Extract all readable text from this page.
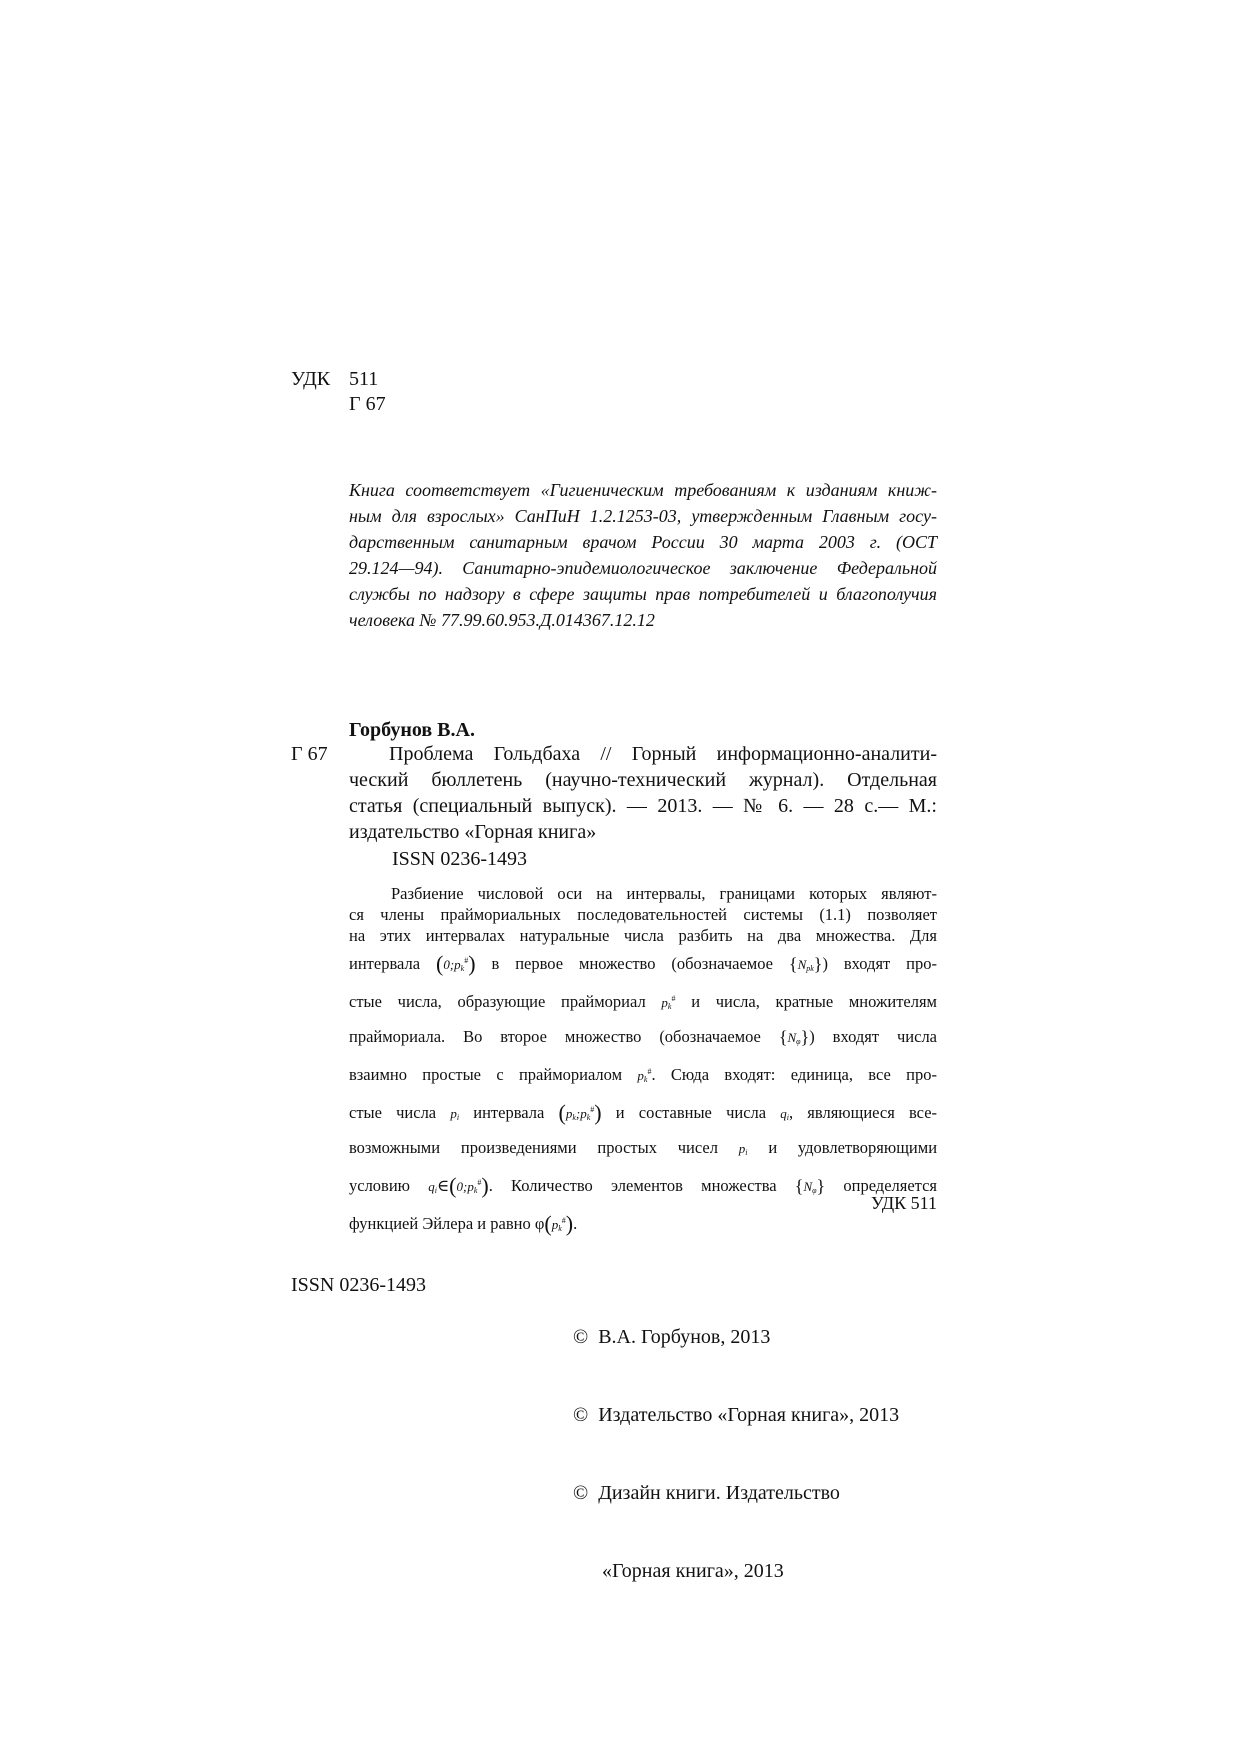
УДК 511
Г 67
Книга соответствует «Гигиеническим требованиям к изданиям книж-
ным для взрослых» СанПиН 1.2.1253-03, утвержденным Главным госу-
дарственным санитарным врачом России 30 марта 2003 г. (ОСТ
29.124—94). Санитарно-эпидемиологическое заключение Федеральной
службы по надзору в сфере защиты прав потребителей и благополучия
человека № 77.99.60.953.Д.014367.12.12
Горбунов В.А.
Г 67	Проблема Гольдбаха // Горный информационно-аналити-
ческий бюллетень (научно-технический журнал). Отдельная
статья (специальный выпуск). — 2013. — № 6. — 28 с.— М.:
издательство «Горная книга»
ISSN 0236-1493
Разбиение числовой оси на интервалы, границами которых являют-
ся члены праймориальных последовательностей системы (1.1) позволяет
на этих интервалах натуральные числа разбить на два множества. Для
интервала $(0;p_k^{\#})$ в первое множество (обозначаемое $\{N_{pk}\}$) входят про-
стые числа, образующие праймориал $p_k^{\#}$ и числа, кратные множителям
праймориала. Во второе множество (обозначаемое $\{N_\varphi\}$) входят числа
взаимно простые с праймориалом $p_k^{\#}$. Сюда входят: единица, все про-
стые числа $p_i$ интервала $(p_k;p_k^{\#})$ и составные числа $q_i$, являющиеся все-
возможными произведениями простых чисел $p_i$ и удовлетворяющими
условию $q_i\in(0;p_k^{\#})$. Количество элементов множества $\{N_\varphi\}$ определяется
функцией Эйлера и равно $\varphi(p_k^{\#})$.
УДК 511
ISSN 0236-1493

©  В.А. Горбунов, 2013

©  Издательство «Горная книга», 2013

©  Дизайн книги. Издательство

«Горная книга», 2013
